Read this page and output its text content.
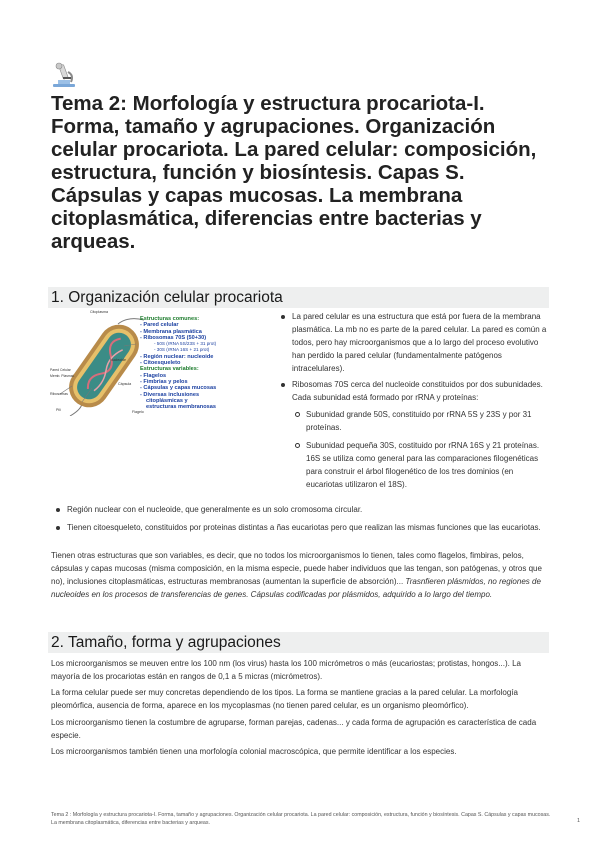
Tema 2: Morfología y estructura procariota-I.
Forma, tamaño y agrupaciones. Organización
celular procariota. La pared celular: composición,
estructura, función y biosíntesis. Capas S.
Cápsulas y capas mucosas. La membrana
citoplasmática, diferencias entre bacterias y
arqueas.
1. Organización celular procariota
Estructuras comunes:
- Pared celular
- Membrana plasmática
- Ribosomas 70S (50+30)
- 50S (rRNA 5S/23S + 31 prot)
- 30S (rRNA 16S + 21 prot)
- Región nuclear: nucleoide
- Citoesqueleto
Estructuras variables:
- Flagelos
- Fimbrias y pelos
- Cápsulas y capas mucosas
- Diversas inclusiones
citoplásmicas y
estructuras membranosas
Citoplasma
Nucleoide
Cápsula
Pared Celular
Memb. Plasmat.
Ribosomas
Pili	Flagelo
La pared celular es una estructura que está por fuera de la membrana plasmática. La mb no es parte de la pared celular. La pared es común a todos, pero hay microorganismos que a lo largo del proceso evolutivo han perdido la pared celular (fundamentalmente patógenos intracelulares).
Ribosomas 70S cerca del nucleoide constituidos por dos subunidades. Cada subunidad está formado por rRNA y proteínas:
Subunidad grande 50S, constituido por rRNA 5S y 23S y por 31 proteínas.
Subunidad pequeña 30S, costituido por rRNA 16S y 21 proteínas. 16S se utiliza como general para las comparaciones filogenéticas para construir el árbol filogenético de los tres dominios (en eucariotas utilizaron el 18S).
Región nuclear con el nucleoide, que generalmente es un solo cromosoma circular.
Tienen citoesqueleto, constituidos por proteinas distintas a ñas eucariotas pero que realizan las mismas funciones que las eucariotas.

Tienen otras estructuras que son variables, es decir, que no todos los microorganismos lo tienen, tales como flagelos, fimbiras, pelos, cápsulas y capas mucosas (misma composición, en la misma especie, puede haber individuos que las tengan, son patógenas, y otros que no), inclusiones citoplasmáticas, estructuras membranosas (aumentan la superficie de absorción)... Trasnfieren plásmidos, no regiones de nucleoides en los procesos de transferencias de genes. Cápsulas codificadas por plásmidos, adquirido a lo largo del tiempo.

2. Tamaño, forma y agrupaciones

Los microorganismos se meuven entre los 100 nm (los virus) hasta los 100 micrómetros o más (eucariostas; protistas, hongos...). La mayoría de los procariotas están en rangos de 0,1 a 5 micras (micrómetros).

La forma celular puede ser muy concretas dependiendo de los tipos. La forma se mantiene gracias a la pared celular. La morfología pleomórfica, ausencia de forma, aparece en los mycoplasmas (no tienen pared celular, es un organismo pleomórfico).

Los microorganismo tienen la costumbre de agruparse, forman parejas, cadenas... y cada forma de agrupación es característica de cada especie.

Los microorganismos también tienen una morfología colonial macroscópica, que permite identificar a los especies.

Tema 2 : Morfología y estructura procariota-I. Forma, tamaño y agrupaciones. Organización celular procariota. La pared celular: composición, estructura, función y biosíntesis. Capas S. Cápsulas y capas mucosas. La membrana citoplasmática, diferencias entre bacterias y arqueas.	1
